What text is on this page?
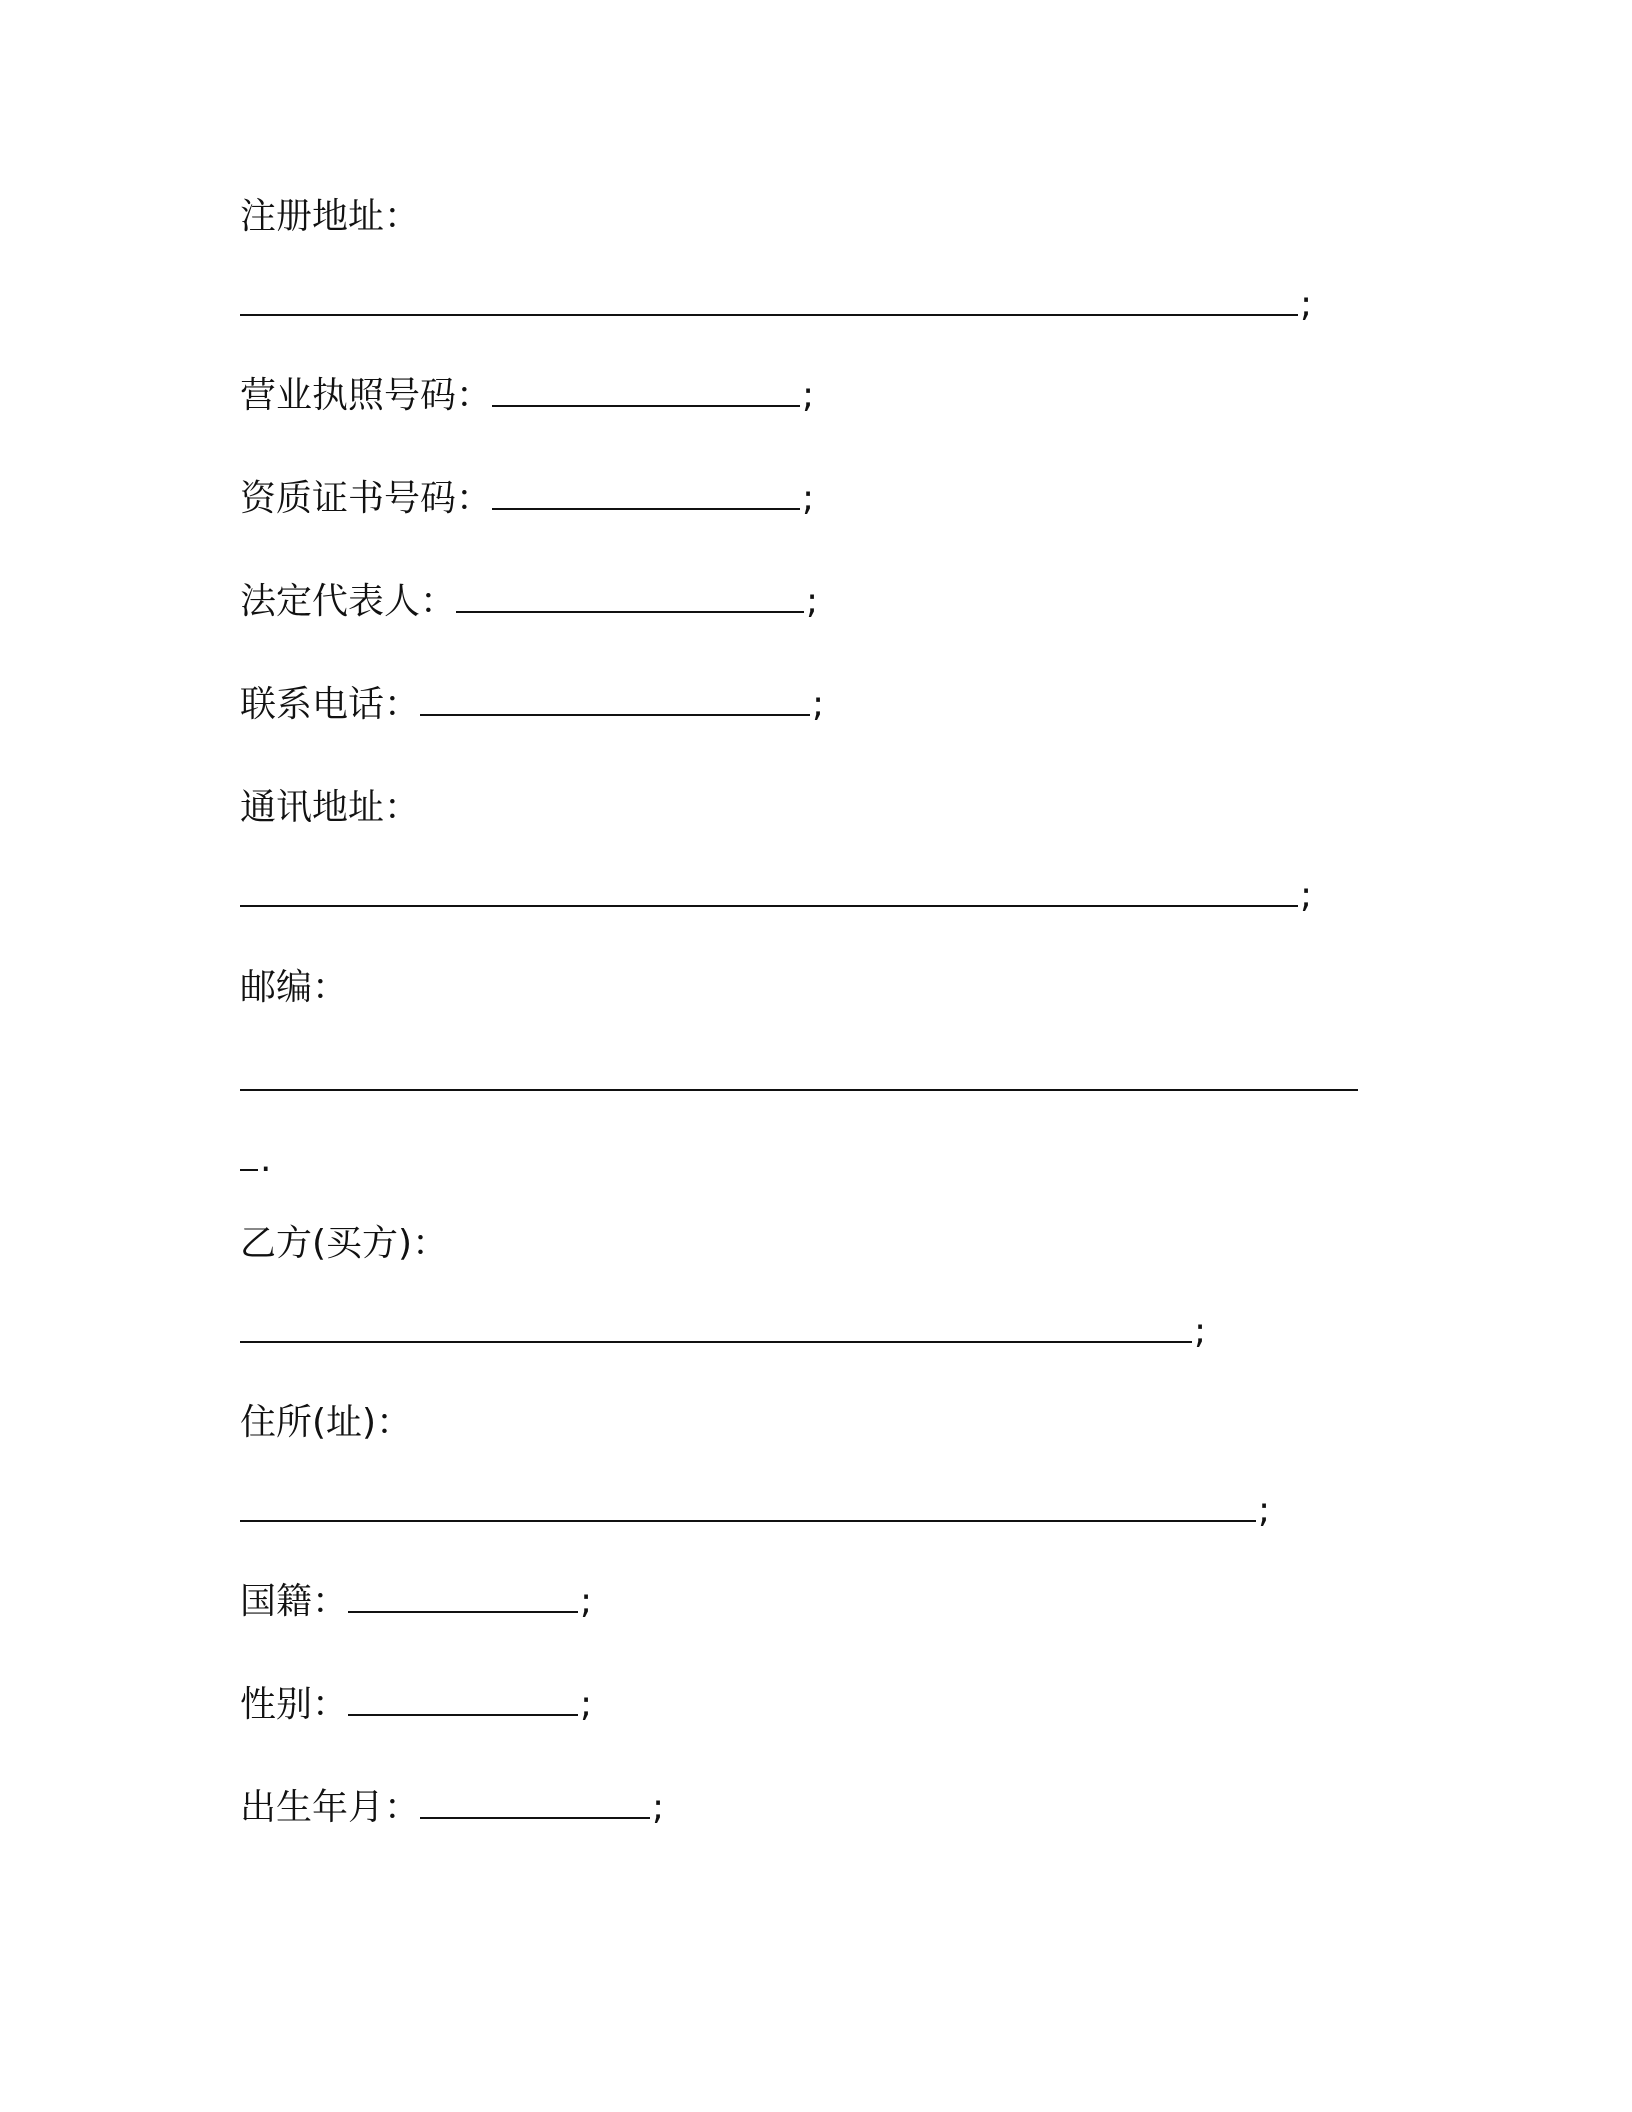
注册地址：
;
营业执照号码：	;
资质证书号码：	;
法定代表人：	;
联系电话：	;
通讯地址：
;
邮编：
.
乙方(买方)：
;
住所(址)：
;
国籍：	;
性别：	;
出生年月：	;
